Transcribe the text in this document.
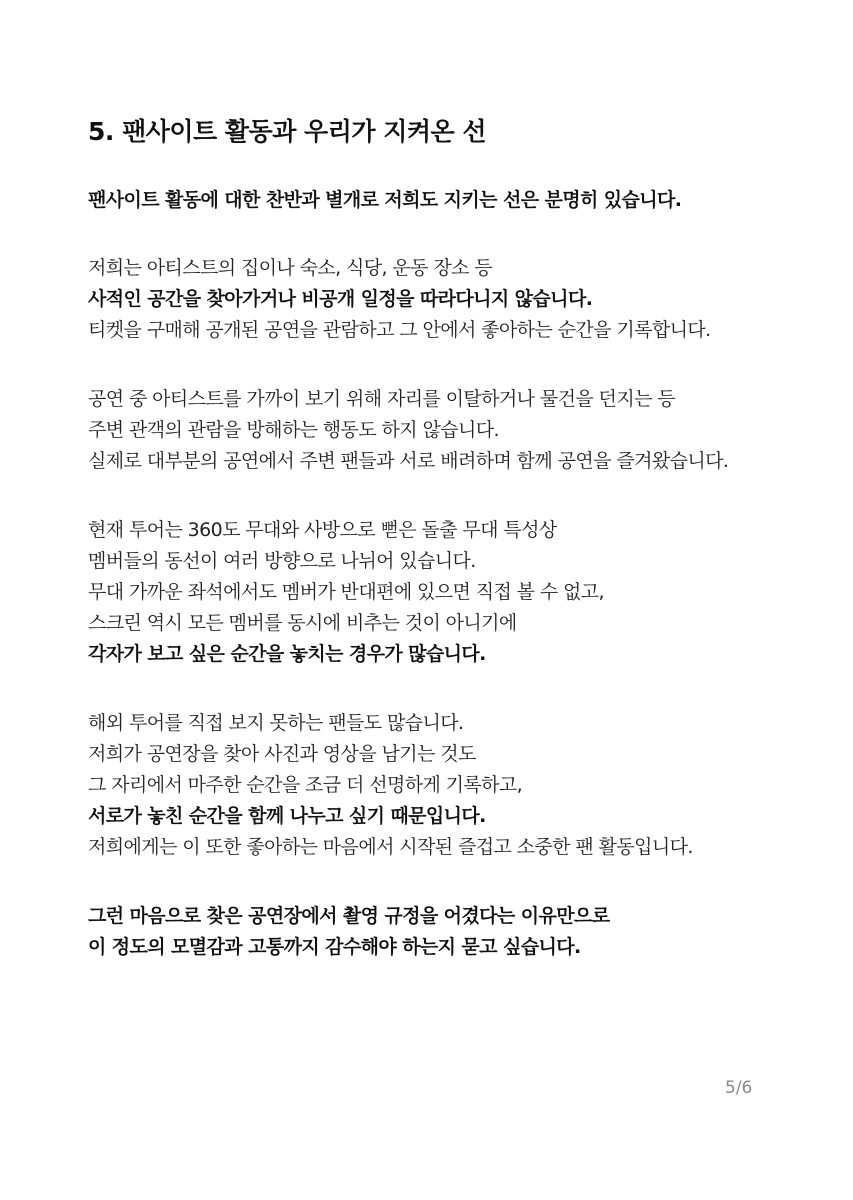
5. 팬사이트 활동과 우리가 지켜온 선

팬사이트 활동에 대한 찬반과 별개로 저희도 지키는 선은 분명히 있습니다.

저희는 아티스트의 집이나 숙소, 식당, 운동 장소 등
사적인 공간을 찾아가거나 비공개 일정을 따라다니지 않습니다.
티켓을 구매해 공개된 공연을 관람하고 그 안에서 좋아하는 순간을 기록합니다.
공연 중 아티스트를 가까이 보기 위해 자리를 이탈하거나 물건을 던지는 등
주변 관객의 관람을 방해하는 행동도 하지 않습니다.
실제로 대부분의 공연에서 주변 팬들과 서로 배려하며 함께 공연을 즐겨왔습니다.
현재 투어는 360도 무대와 사방으로 뻗은 돌출 무대 특성상
멤버들의 동선이 여러 방향으로 나뉘어 있습니다.
무대 가까운 좌석에서도 멤버가 반대편에 있으면 직접 볼 수 없고,
스크린 역시 모든 멤버를 동시에 비추는 것이 아니기에
각자가 보고 싶은 순간을 놓치는 경우가 많습니다.
해외 투어를 직접 보지 못하는 팬들도 많습니다.
저희가 공연장을 찾아 사진과 영상을 남기는 것도
그 자리에서 마주한 순간을 조금 더 선명하게 기록하고,
서로가 놓친 순간을 함께 나누고 싶기 때문입니다.
저희에게는 이 또한 좋아하는 마음에서 시작된 즐겁고 소중한 팬 활동입니다.
그런 마음으로 찾은 공연장에서 촬영 규정을 어겼다는 이유만으로
이 정도의 모멸감과 고통까지 감수해야 하는지 묻고 싶습니다.
5/6
